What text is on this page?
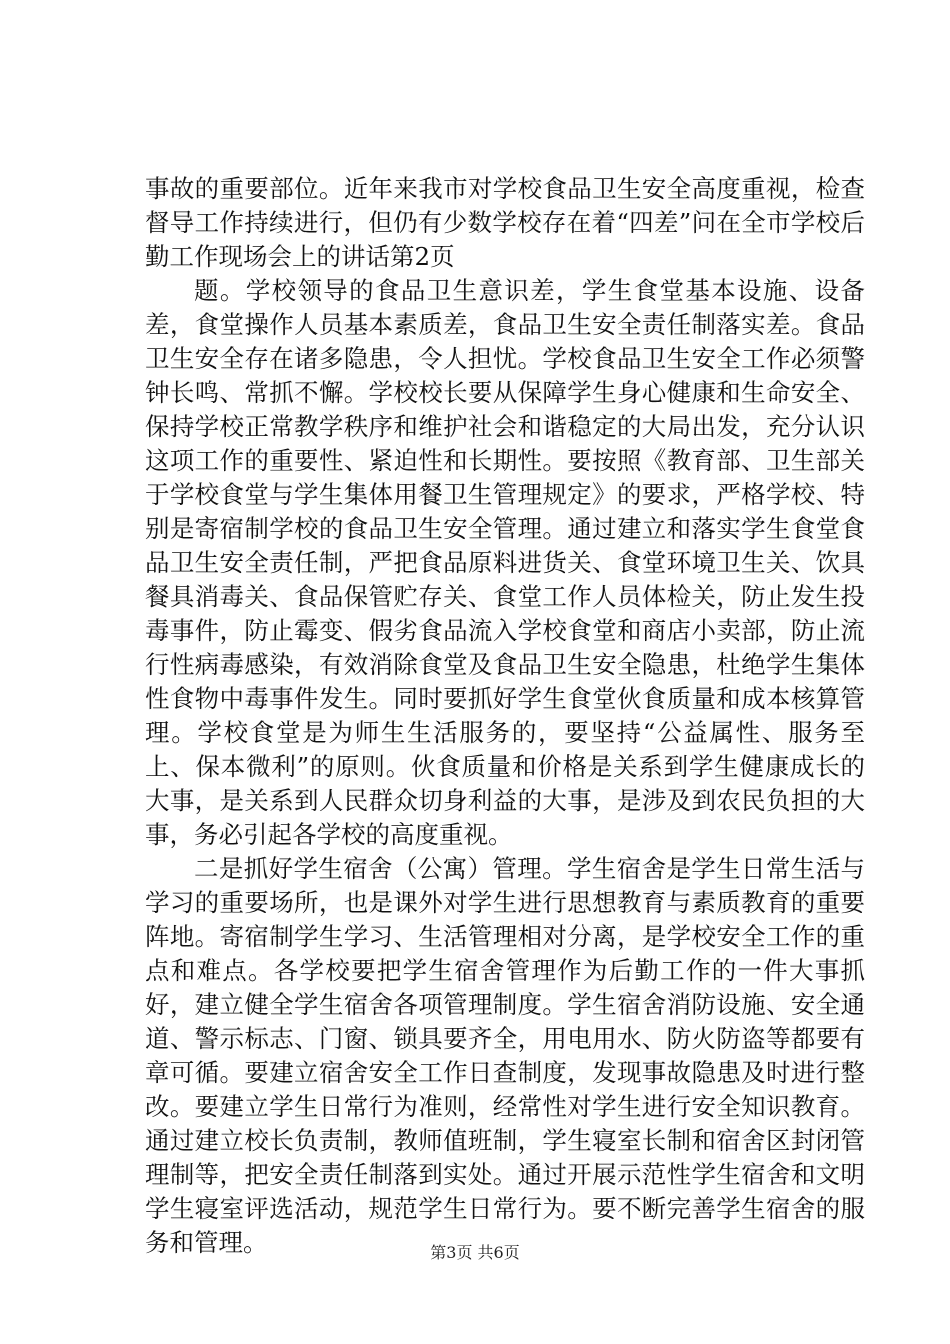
事故的重要部位。近年来我市对学校食品卫生安全高度重视，检查督导工作持续进行，但仍有少数学校存在着“四差”问在全市学校后勤工作现场会上的讲话第2页

题。学校领导的食品卫生意识差，学生食堂基本设施、设备差，食堂操作人员基本素质差，食品卫生安全责任制落实差。食品卫生安全存在诸多隐患，令人担忧。学校食品卫生安全工作必须警钟长鸣、常抓不懈。学校校长要从保障学生身心健康和生命安全、保持学校正常教学秩序和维护社会和谐稳定的大局出发，充分认识这项工作的重要性、紧迫性和长期性。要按照《教育部、卫生部关于学校食堂与学生集体用餐卫生管理规定》的要求，严格学校、特别是寄宿制学校的食品卫生安全管理。通过建立和落实学生食堂食品卫生安全责任制，严把食品原料进货关、食堂环境卫生关、饮具餐具消毒关、食品保管贮存关、食堂工作人员体检关，防止发生投毒事件，防止霉变、假劣食品流入学校食堂和商店小卖部，防止流行性病毒感染，有效消除食堂及食品卫生安全隐患，杜绝学生集体性食物中毒事件发生。同时要抓好学生食堂伙食质量和成本核算管理。学校食堂是为师生生活服务的，要坚持“公益属性、服务至上、保本微利”的原则。伙食质量和价格是关系到学生健康成长的大事，是关系到人民群众切身利益的大事，是涉及到农民负担的大事，务必引起各学校的高度重视。

二是抓好学生宿舍（公寓）管理。学生宿舍是学生日常生活与学习的重要场所，也是课外对学生进行思想教育与素质教育的重要阵地。寄宿制学生学习、生活管理相对分离，是学校安全工作的重点和难点。各学校要把学生宿舍管理作为后勤工作的一件大事抓好，建立健全学生宿舍各项管理制度。学生宿舍消防设施、安全通道、警示标志、门窗、锁具要齐全，用电用水、防火防盗等都要有章可循。要建立宿舍安全工作日查制度，发现事故隐患及时进行整改。要建立学生日常行为准则，经常性对学生进行安全知识教育。通过建立校长负责制，教师值班制，学生寝室长制和宿舍区封闭管理制等，把安全责任制落到实处。通过开展示范性学生宿舍和文明学生寝室评选活动，规范学生日常行为。要不断完善学生宿舍的服务和管理。	第3页 共6页
